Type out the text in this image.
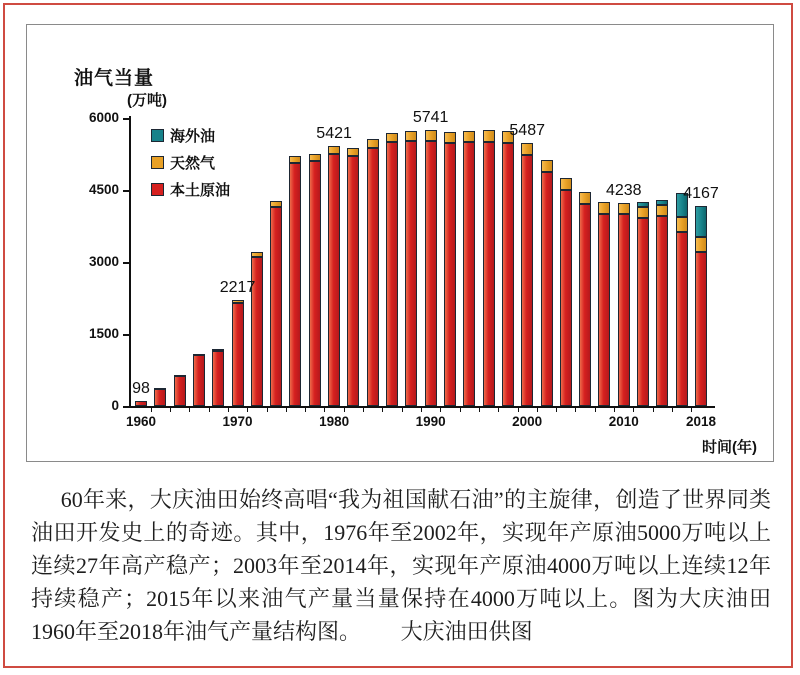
油气当量
(万吨)
海外油
天然气
本土原油
0
1500
3000
4500
6000
1960	1970	1980	1990	2000	2010	2018
98
2217
5421
5741
5487
4238	4167
时间(年)

60年来，大庆油田始终高唱“我为祖国献石油”的主旋律，创造了世界同类油田开发史上的奇迹。其中，1976年至2002年，实现年产原油5000万吨以上连续27年高产稳产；2003年至2014年，实现年产原油4000万吨以上连续12年持续稳产；2015年以来油气产量当量保持在4000万吨以上。图为大庆油田1960年至2018年油气产量结构图。 大庆油田供图
